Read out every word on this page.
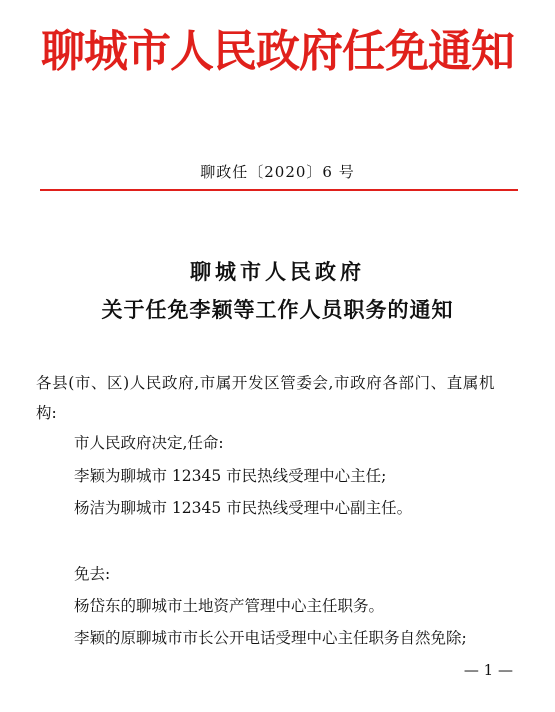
聊城市人民政府任免通知
聊政任〔2020〕6 号
聊城市人民政府
关于任免李颖等工作人员职务的通知
各县(市、区)人民政府,市属开发区管委会,市政府各部门、直属机
构:
市人民政府决定,任命:
李颖为聊城市 12345 市民热线受理中心主任;
杨洁为聊城市 12345 市民热线受理中心副主任。
免去:
杨岱东的聊城市土地资产管理中心主任职务。
李颖的原聊城市市长公开电话受理中心主任职务自然免除;
— 1 —
